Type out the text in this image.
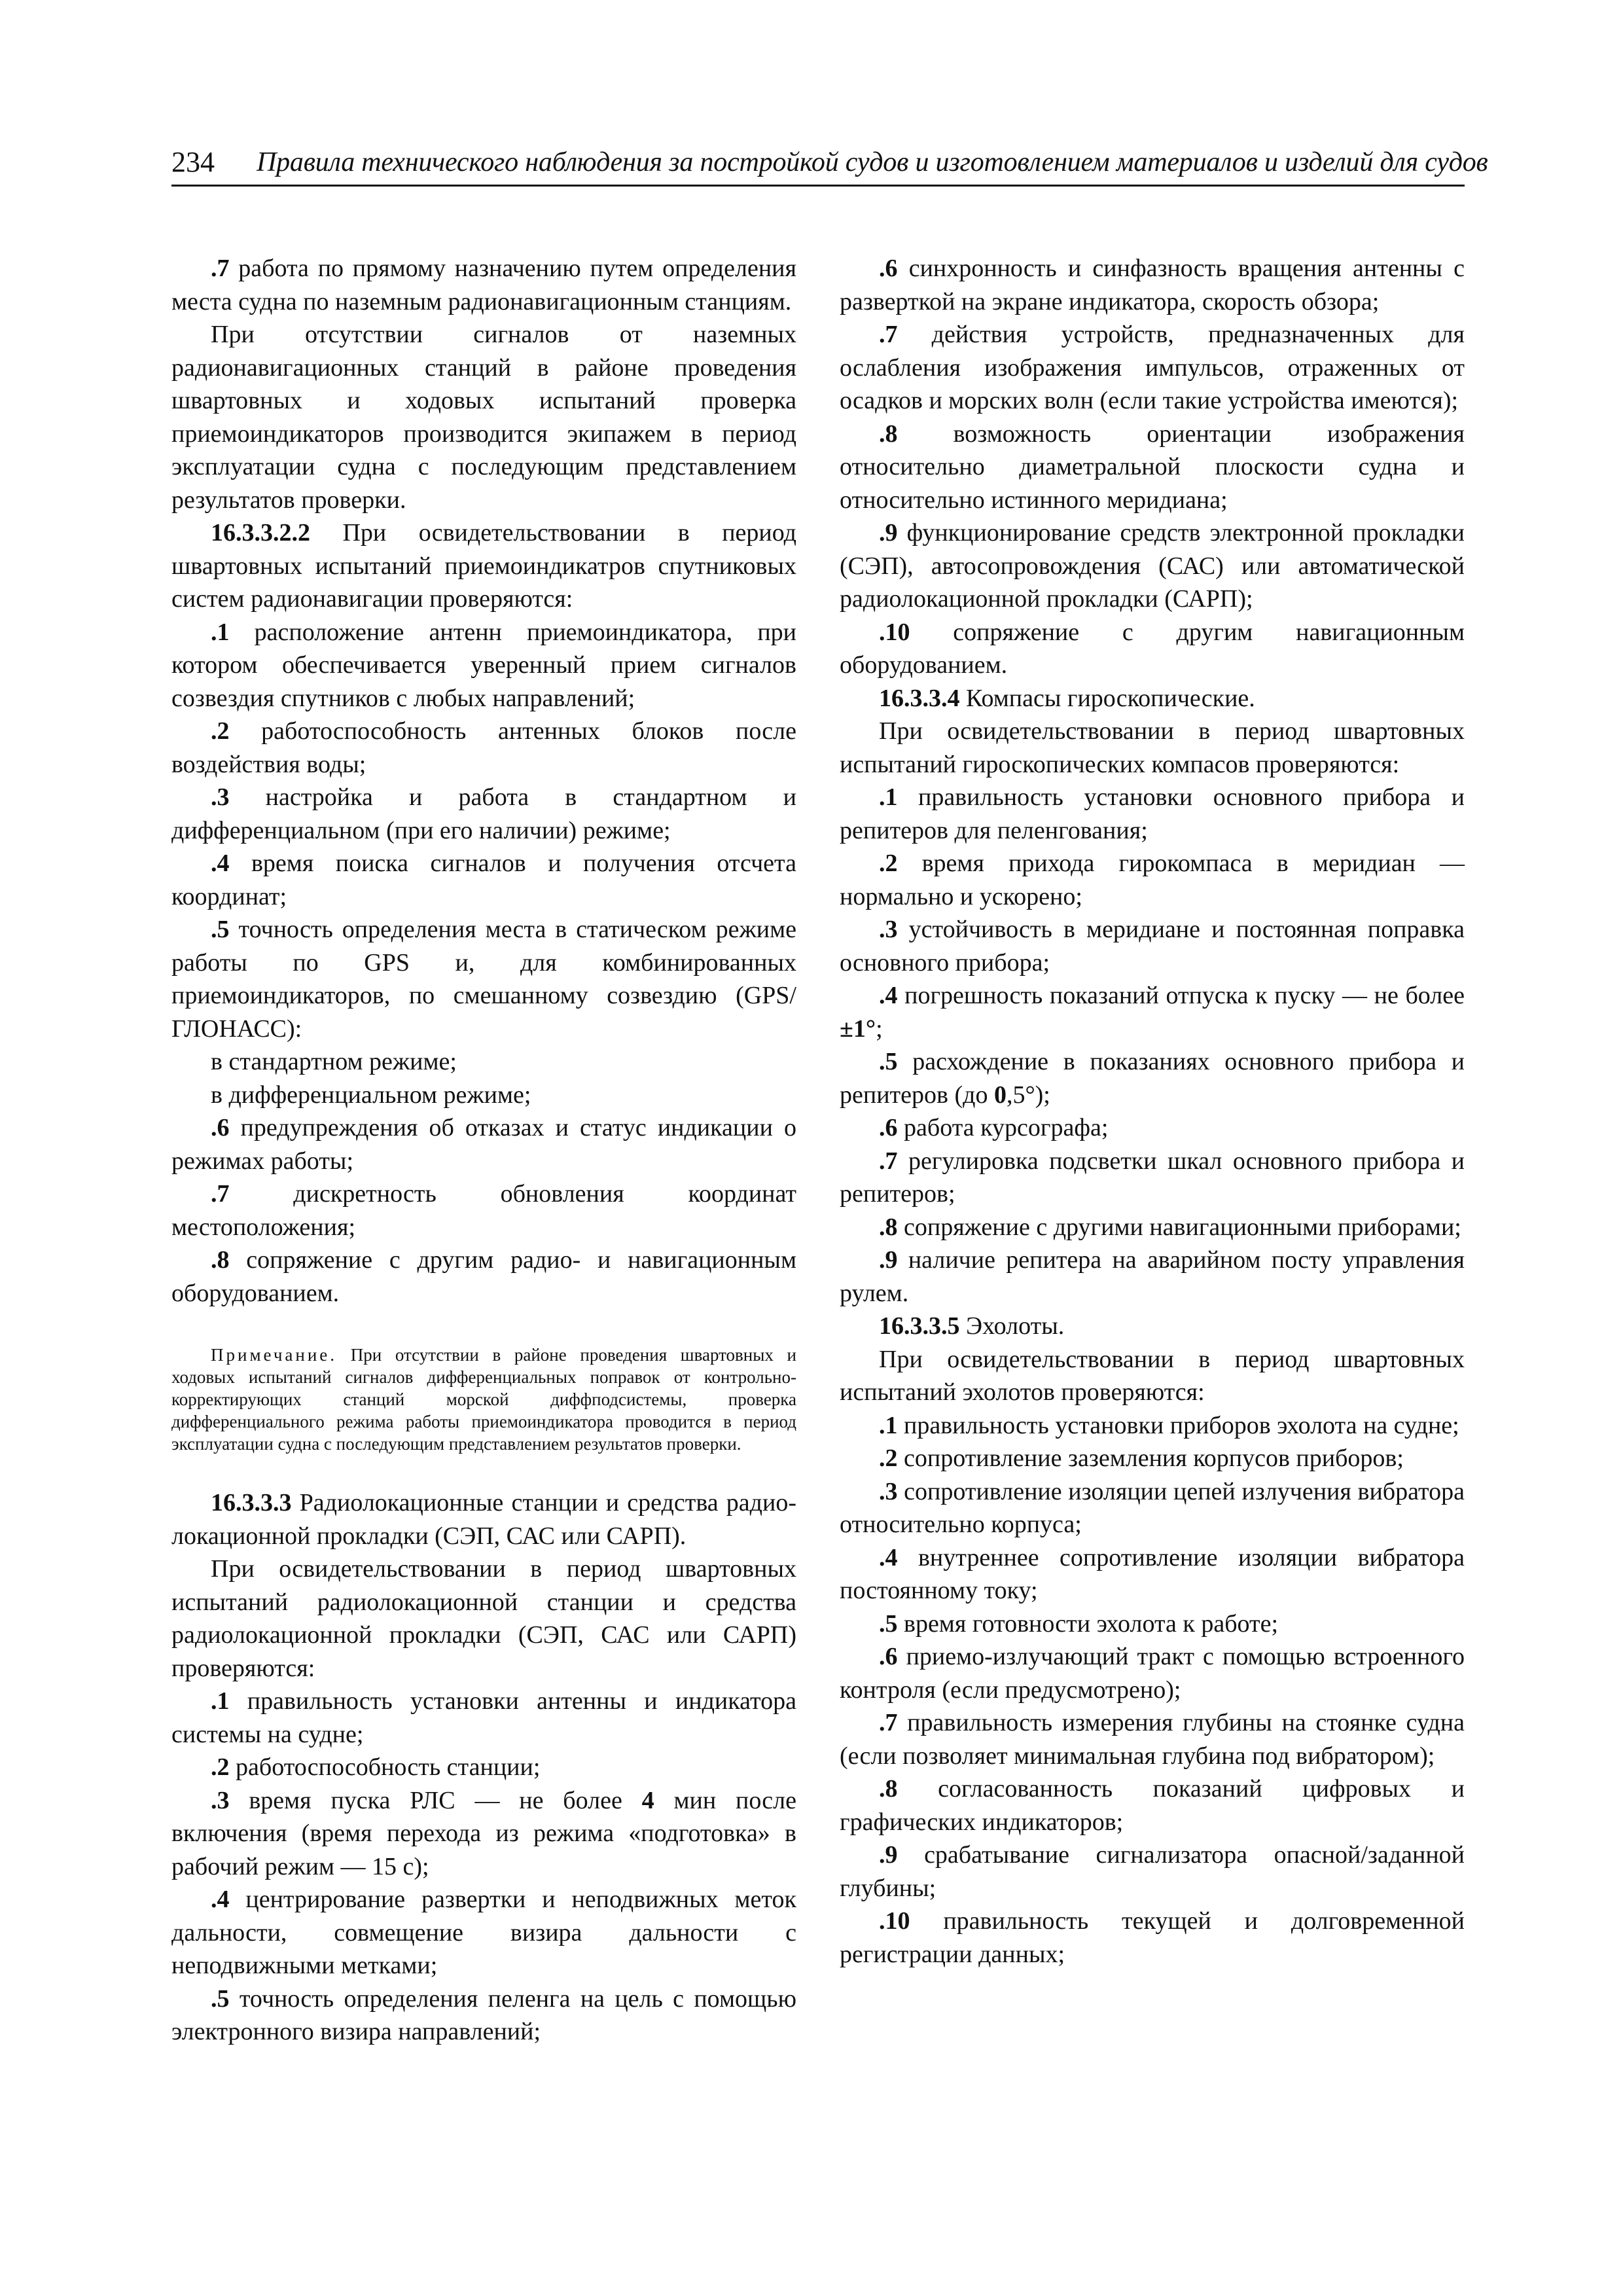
234 Правила технического наблюдения за постройкой судов и изготовлением материалов и изделий для судов

.7 работа по прямому назначению путем определения места судна по наземным радионавигационным станциям.

При отсутствии сигналов от наземных радионавигационных станций в районе проведения швартовных и ходовых испытаний проверка приемоиндикаторов производится экипажем в период эксплуатации судна с последующим представлением результатов проверки.

16.3.3.2.2 При освидетельствовании в период швартовных испытаний приемоиндикатров спутниковых систем радионавигации проверяются:

.1 расположение антенн приемоиндикатора, при котором обеспечивается уверенный прием сигналов созвездия спутников с любых направлений;

.2 работоспособность антенных блоков после воздействия воды;

.3 настройка и работа в стандартном и дифференциальном (при его наличии) режиме;

.4 время поиска сигналов и получения отсчета координат;

.5 точность определения места в статическом режиме работы по GPS и, для комбинированных приемоиндикаторов, по смешанному созвездию (GPS/ГЛОНАСС):

в стандартном режиме;

в дифференциальном режиме;

.6 предупреждения об отказах и статус индикации о режимах работы;

.7 дискретность обновления координат местоположения;

.8 сопряжение с другим радио- и навигационным оборудованием.

Примечание. При отсутствии в районе проведения швартовных и ходовых испытаний сигналов дифференциальных поправок от контрольно-корректирующих станций морской диффподсистемы, проверка дифференциального режима работы приемоиндикатора проводится в период эксплуатации судна с последующим представлением результатов проверки.

16.3.3.3 Радиолокационные станции и средства радио-локационной прокладки (СЭП, САС или САРП).

При освидетельствовании в период швартовных испытаний радиолокационной станции и средства радиолокационной прокладки (СЭП, САС или САРП) проверяются:

.1 правильность установки антенны и индикатора системы на судне;

.2 работоспособность станции;

.3 время пуска РЛС — не более 4 мин после включения (время перехода из режима «подготовка» в рабочий режим — 15 с);

.4 центрирование развертки и неподвижных меток дальности, совмещение визира дальности с неподвижными метками;

.5 точность определения пеленга на цель с помощью электронного визира направлений;

.6 синхронность и синфазность вращения антенны с разверткой на экране индикатора, скорость обзора;

.7 действия устройств, предназначенных для ослабления изображения импульсов, отраженных от осадков и морских волн (если такие устройства имеются);

.8 возможность ориентации изображения относительно диаметральной плоскости судна и относительно истинного меридиана;

.9 функционирование средств электронной прокладки (СЭП), автосопровождения (САС) или автоматической радиолокационной прокладки (САРП);

.10 сопряжение с другим навигационным оборудованием.

16.3.3.4 Компасы гироскопические.

При освидетельствовании в период швартовных испытаний гироскопических компасов проверяются:

.1 правильность установки основного прибора и репитеров для пеленгования;

.2 время прихода гирокомпаса в меридиан — нормально и ускорено;

.3 устойчивость в меридиане и постоянная поправка основного прибора;

.4 погрешность показаний отпуска к пуску — не более ±1°;

.5 расхождение в показаниях основного прибора и репитеров (до 0,5°);

.6 работа курсографа;

.7 регулировка подсветки шкал основного прибора и репитеров;

.8 сопряжение с другими навигационными приборами;

.9 наличие репитера на аварийном посту управления рулем.

16.3.3.5 Эхолоты.

При освидетельствовании в период швартовных испытаний эхолотов проверяются:

.1 правильность установки приборов эхолота на судне;

.2 сопротивление заземления корпусов приборов;

.3 сопротивление изоляции цепей излучения вибратора относительно корпуса;

.4 внутреннее сопротивление изоляции вибратора постоянному току;

.5 время готовности эхолота к работе;

.6 приемо-излучающий тракт с помощью встроенного контроля (если предусмотрено);

.7 правильность измерения глубины на стоянке судна (если позволяет минимальная глубина под вибратором);

.8 согласованность показаний цифровых и графических индикаторов;

.9 срабатывание сигнализатора опасной/заданной глубины;

.10 правильность текущей и долговременной регистрации данных;
